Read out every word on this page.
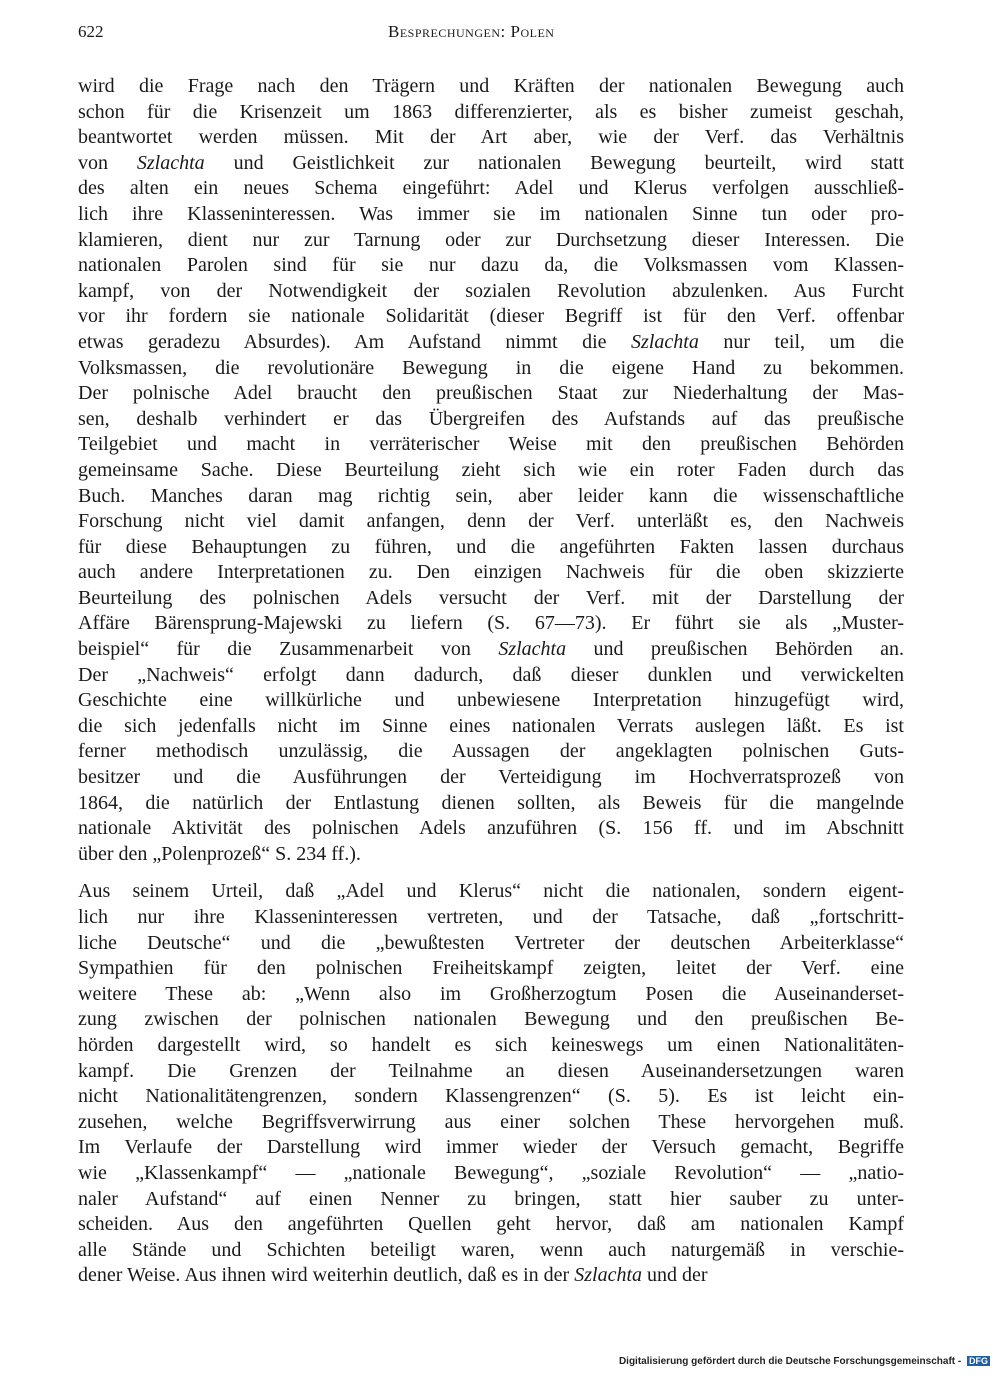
622	Besprechungen: Polen
wird die Frage nach den Trägern und Kräften der nationalen Bewegung auch
schon für die Krisenzeit um 1863 differenzierter, als es bisher zumeist geschah,
beantwortet werden müssen. Mit der Art aber, wie der Verf. das Verhältnis
von Szlachta und Geistlichkeit zur nationalen Bewegung beurteilt, wird statt
des alten ein neues Schema eingeführt: Adel und Klerus verfolgen ausschließ-
lich ihre Klasseninteressen. Was immer sie im nationalen Sinne tun oder pro-
klamieren, dient nur zur Tarnung oder zur Durchsetzung dieser Interessen. Die
nationalen Parolen sind für sie nur dazu da, die Volksmassen vom Klassen-
kampf, von der Notwendigkeit der sozialen Revolution abzulenken. Aus Furcht
vor ihr fordern sie nationale Solidarität (dieser Begriff ist für den Verf. offenbar
etwas geradezu Absurdes). Am Aufstand nimmt die Szlachta nur teil, um die
Volksmassen, die revolutionäre Bewegung in die eigene Hand zu bekommen.
Der polnische Adel braucht den preußischen Staat zur Niederhaltung der Mas-
sen, deshalb verhindert er das Übergreifen des Aufstands auf das preußische
Teilgebiet und macht in verräterischer Weise mit den preußischen Behörden
gemeinsame Sache. Diese Beurteilung zieht sich wie ein roter Faden durch das
Buch. Manches daran mag richtig sein, aber leider kann die wissenschaftliche
Forschung nicht viel damit anfangen, denn der Verf. unterläßt es, den Nachweis
für diese Behauptungen zu führen, und die angeführten Fakten lassen durchaus
auch andere Interpretationen zu. Den einzigen Nachweis für die oben skizzierte
Beurteilung des polnischen Adels versucht der Verf. mit der Darstellung der
Affäre Bärensprung-Majewski zu liefern (S. 67—73). Er führt sie als „Muster-
beispiel“ für die Zusammenarbeit von Szlachta und preußischen Behörden an.
Der „Nachweis“ erfolgt dann dadurch, daß dieser dunklen und verwickelten
Geschichte eine willkürliche und unbewiesene Interpretation hinzugefügt wird,
die sich jedenfalls nicht im Sinne eines nationalen Verrats auslegen läßt. Es ist
ferner methodisch unzulässig, die Aussagen der angeklagten polnischen Guts-
besitzer und die Ausführungen der Verteidigung im Hochverratsprozeß von
1864, die natürlich der Entlastung dienen sollten, als Beweis für die mangelnde
nationale Aktivität des polnischen Adels anzuführen (S. 156 ff. und im Abschnitt
über den „Polenprozeß“ S. 234 ff.).
Aus seinem Urteil, daß „Adel und Klerus“ nicht die nationalen, sondern eigent-
lich nur ihre Klasseninteressen vertreten, und der Tatsache, daß „fortschritt-
liche Deutsche“ und die „bewußtesten Vertreter der deutschen Arbeiterklasse“
Sympathien für den polnischen Freiheitskampf zeigten, leitet der Verf. eine
weitere These ab: „Wenn also im Großherzogtum Posen die Auseinanderset-
zung zwischen der polnischen nationalen Bewegung und den preußischen Be-
hörden dargestellt wird, so handelt es sich keineswegs um einen Nationalitäten-
kampf. Die Grenzen der Teilnahme an diesen Auseinandersetzungen waren
nicht Nationalitätengrenzen, sondern Klassengrenzen“ (S. 5). Es ist leicht ein-
zusehen, welche Begriffsverwirrung aus einer solchen These hervorgehen muß.
Im Verlaufe der Darstellung wird immer wieder der Versuch gemacht, Begriffe
wie „Klassenkampf“ — „nationale Bewegung“, „soziale Revolution“ — „natio-
naler Aufstand“ auf einen Nenner zu bringen, statt hier sauber zu unter-
scheiden. Aus den angeführten Quellen geht hervor, daß am nationalen Kampf
alle Stände und Schichten beteiligt waren, wenn auch naturgemäß in verschie-
dener Weise. Aus ihnen wird weiterhin deutlich, daß es in der Szlachta und der
Digitalisierung gefördert durch die Deutsche Forschungsgemeinschaft - DFG
